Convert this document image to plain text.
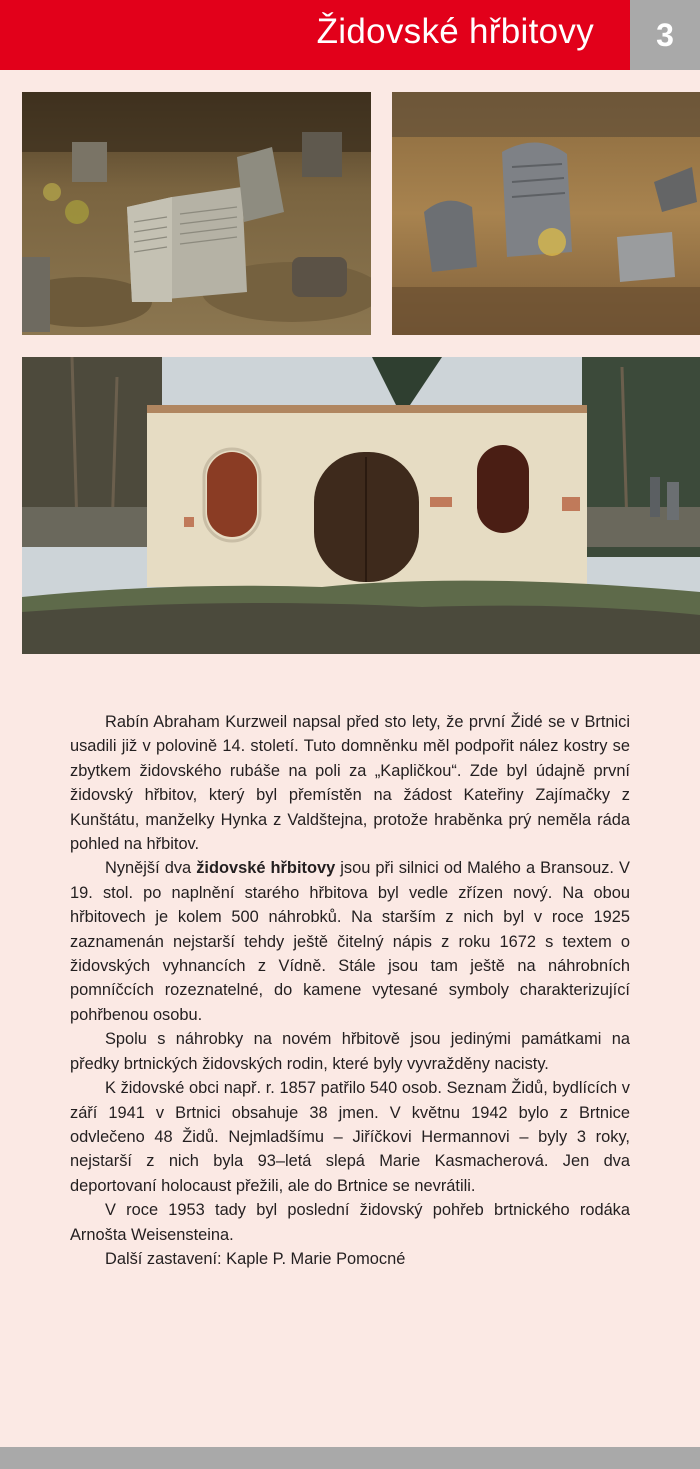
Židovské hřbitovy	3

Rabín Abraham Kurzweil napsal před sto lety, že první Židé se v Brtnici usadili již v polovině 14. století. Tuto domněnku měl podpořit nález kostry se zbytkem židovského rubáše na poli za „Kapličkou“. Zde byl údajně první židovský hřbitov, který byl přemístěn na žádost Kateřiny Zajímačky z Kunštátu, manželky Hynka z Valdštejna, protože hraběnka prý neměla ráda pohled na hřbitov.

Nynější dva židovské hřbitovy jsou při silnici od Malého a Bransouz. V 19. stol. po naplnění starého hřbitova byl vedle zřízen nový. Na obou hřbitovech je kolem 500 náhrobků. Na starším z nich byl v roce 1925 zaznamenán nejstarší tehdy ještě čitelný nápis z roku 1672 s textem o židovských vyhnancích z Vídně. Stále jsou tam ještě na náhrobních pomníčcích rozeznatelné, do kamene vytesané symboly charakterizující pohřbenou osobu.

Spolu s náhrobky na novém hřbitově jsou jedinými památkami na předky brtnických židovských rodin, které byly vyvražděny nacisty.

K židovské obci např. r. 1857 patřilo 540 osob. Seznam Židů, bydlících v září 1941 v Brtnici obsahuje 38 jmen. V květnu 1942 bylo z Brtnice odvlečeno 48 Židů. Nejmladšímu – Jiříčkovi Hermannovi – byly 3 roky, nejstarší z nich byla 93–letá slepá Marie Kasmacherová. Jen dva deportovaní holocaust přežili, ale do Brtnice se nevrátili.

V roce 1953 tady byl poslední židovský pohřeb brtnického rodáka Arnošta Weisensteina.

Další zastavení: Kaple P. Marie Pomocné
